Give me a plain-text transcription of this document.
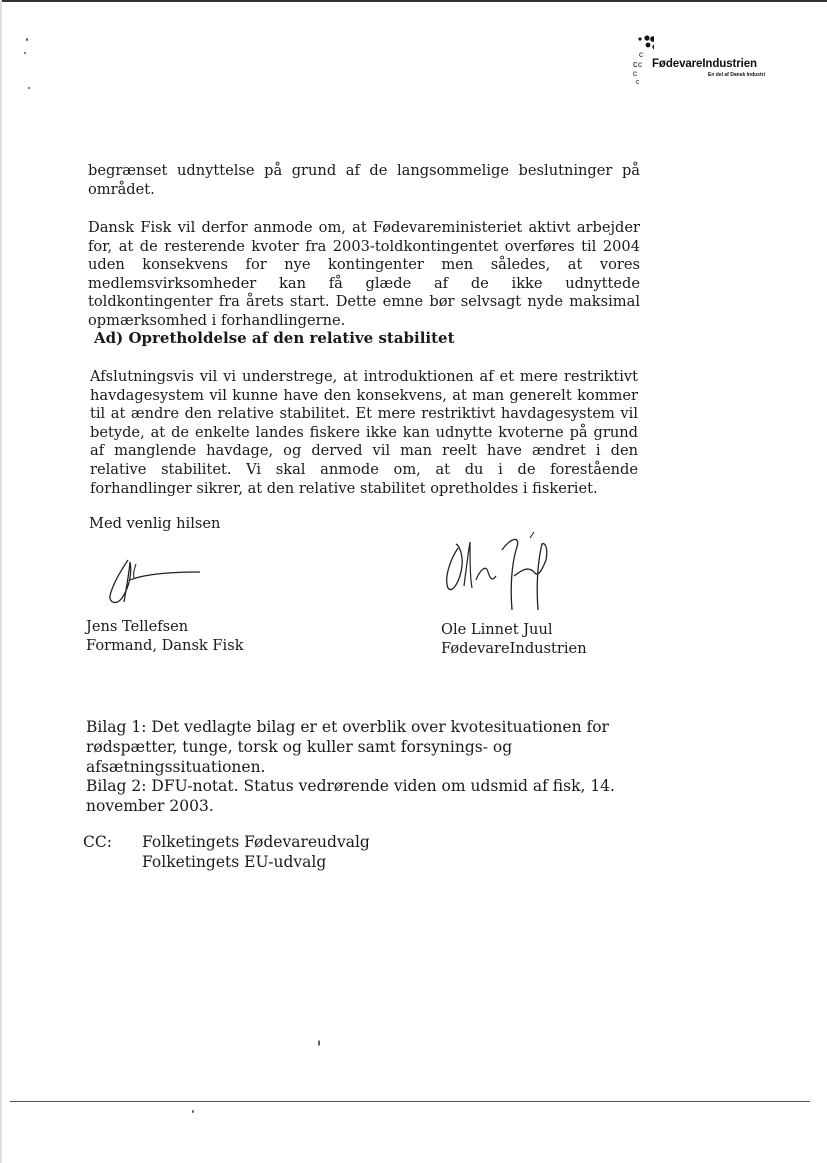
c
c c
c
c
FødevareIndustrien
En del af Dansk Industri
begrænset udnyttelse på grund af de langsommelige beslutninger på området.
Dansk Fisk vil derfor anmode om, at Fødevareministeriet aktivt arbejder for, at de resterende kvoter fra 2003-toldkontingentet overføres til 2004 uden konsekvens for nye kontingenter men således, at vores medlemsvirksomheder kan få glæde af de ikke udnyttede toldkontingenter fra årets start. Dette emne bør selvsagt nyde maksimal opmærksomhed i forhandlingerne.
Ad) Opretholdelse af den relative stabilitet
Afslutningsvis vil vi understrege, at introduktionen af et mere restriktivt havdagesystem vil kunne have den konsekvens, at man generelt kommer til at ændre den relative stabilitet. Et mere restriktivt havdagesystem vil betyde, at de enkelte landes fiskere ikke kan udnytte kvoterne på grund af manglende havdage, og derved vil man reelt have ændret i den relative stabilitet. Vi skal anmode om, at du i de forestående forhandlinger sikrer, at den relative stabilitet opretholdes i fiskeriet.
Med venlig hilsen
Jens Tellefsen
Formand, Dansk Fisk
Ole Linnet Juul
FødevareIndustrien
Bilag 1: Det vedlagte bilag er et overblik over kvotesituationen for rødspætter, tunge, torsk og kuller samt forsynings- og afsætningssituationen.
Bilag 2: DFU-notat. Status vedrørende viden om udsmid af fisk, 14. november 2003.
CC: Folketingets Fødevareudvalg
Folketingets EU-udvalg
